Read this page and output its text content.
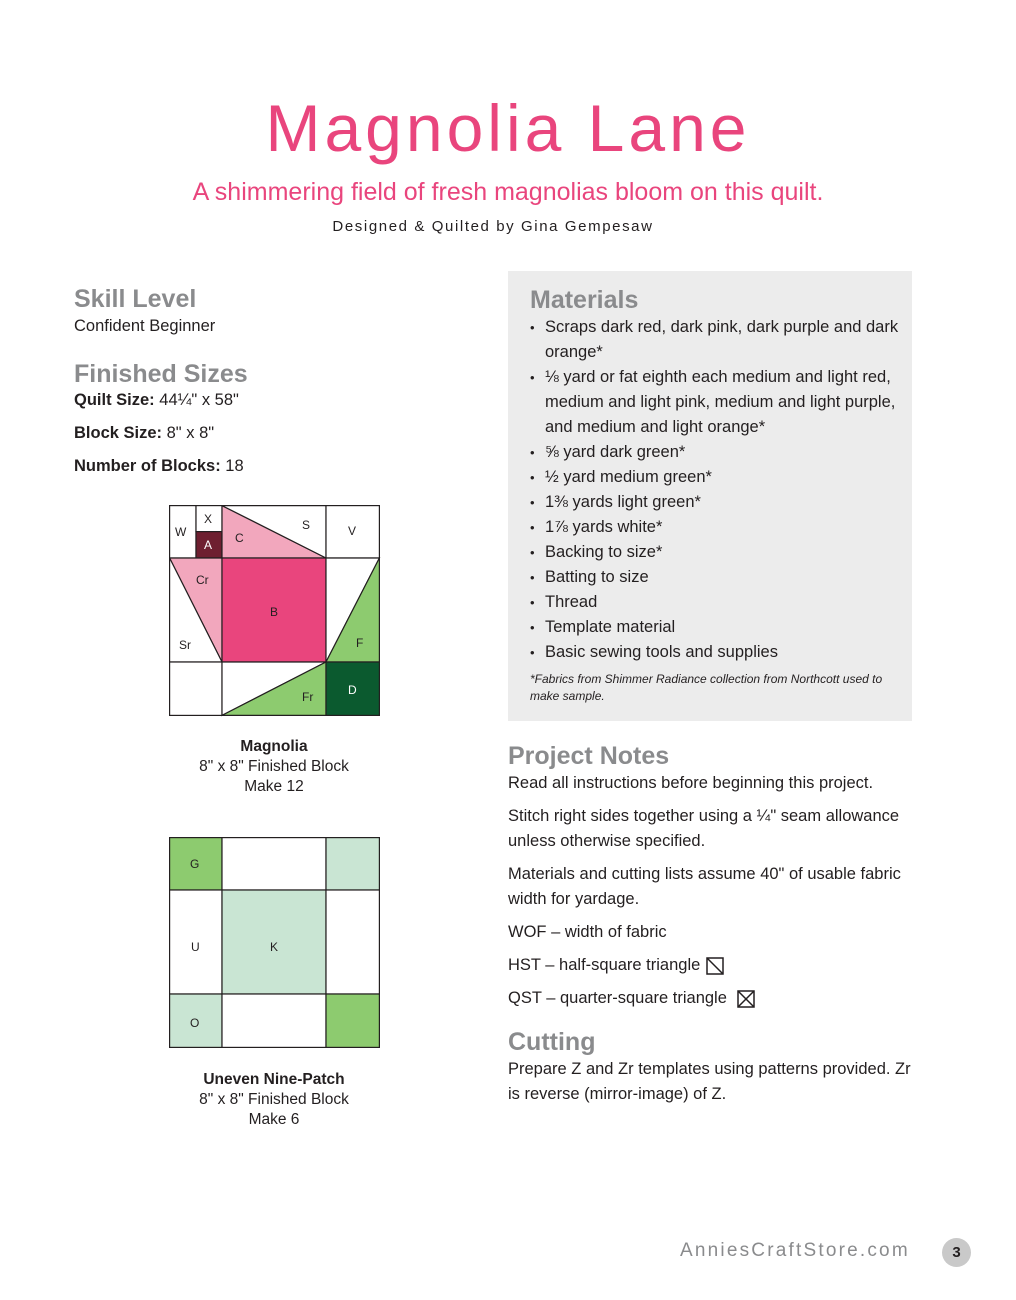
Magnolia Lane
A shimmering field of fresh magnolias bloom on this quilt.
Designed & Quilted by Gina Gempesaw
Skill Level
Confident Beginner
Finished Sizes
Quilt Size: 44¼" x 58"
Block Size: 8" x 8"
Number of Blocks: 18
W
X
A C
S	V
Cr
B
Sr	F
Fr	D
Magnolia
8" x 8" Finished Block
Make 12
G
U	K
O
Uneven Nine-Patch
8" x 8" Finished Block
Make 6
Materials
• Scraps dark red, dark pink, dark purple and dark orange*
• ⅛ yard or fat eighth each medium and light red, medium and light pink, medium and light purple, and medium and light orange*
• ⅝ yard dark green*
• ½ yard medium green*
• 1⅜ yards light green*
• 1⅞ yards white*
• Backing to size*
• Batting to size
• Thread
• Template material
• Basic sewing tools and supplies
*Fabrics from Shimmer Radiance collection from Northcott used to make sample.
Project Notes

Read all instructions before beginning this project.

Stitch right sides together using a ¼" seam allowance unless otherwise specified.

Materials and cutting lists assume 40" of usable fabric width for yardage.

WOF – width of fabric

HST – half-square triangle

QST – quarter-square triangle

Cutting

Prepare Z and Zr templates using patterns provided. Zr is reverse (mirror-image) of Z.

AnniesCraftStore.com	3
